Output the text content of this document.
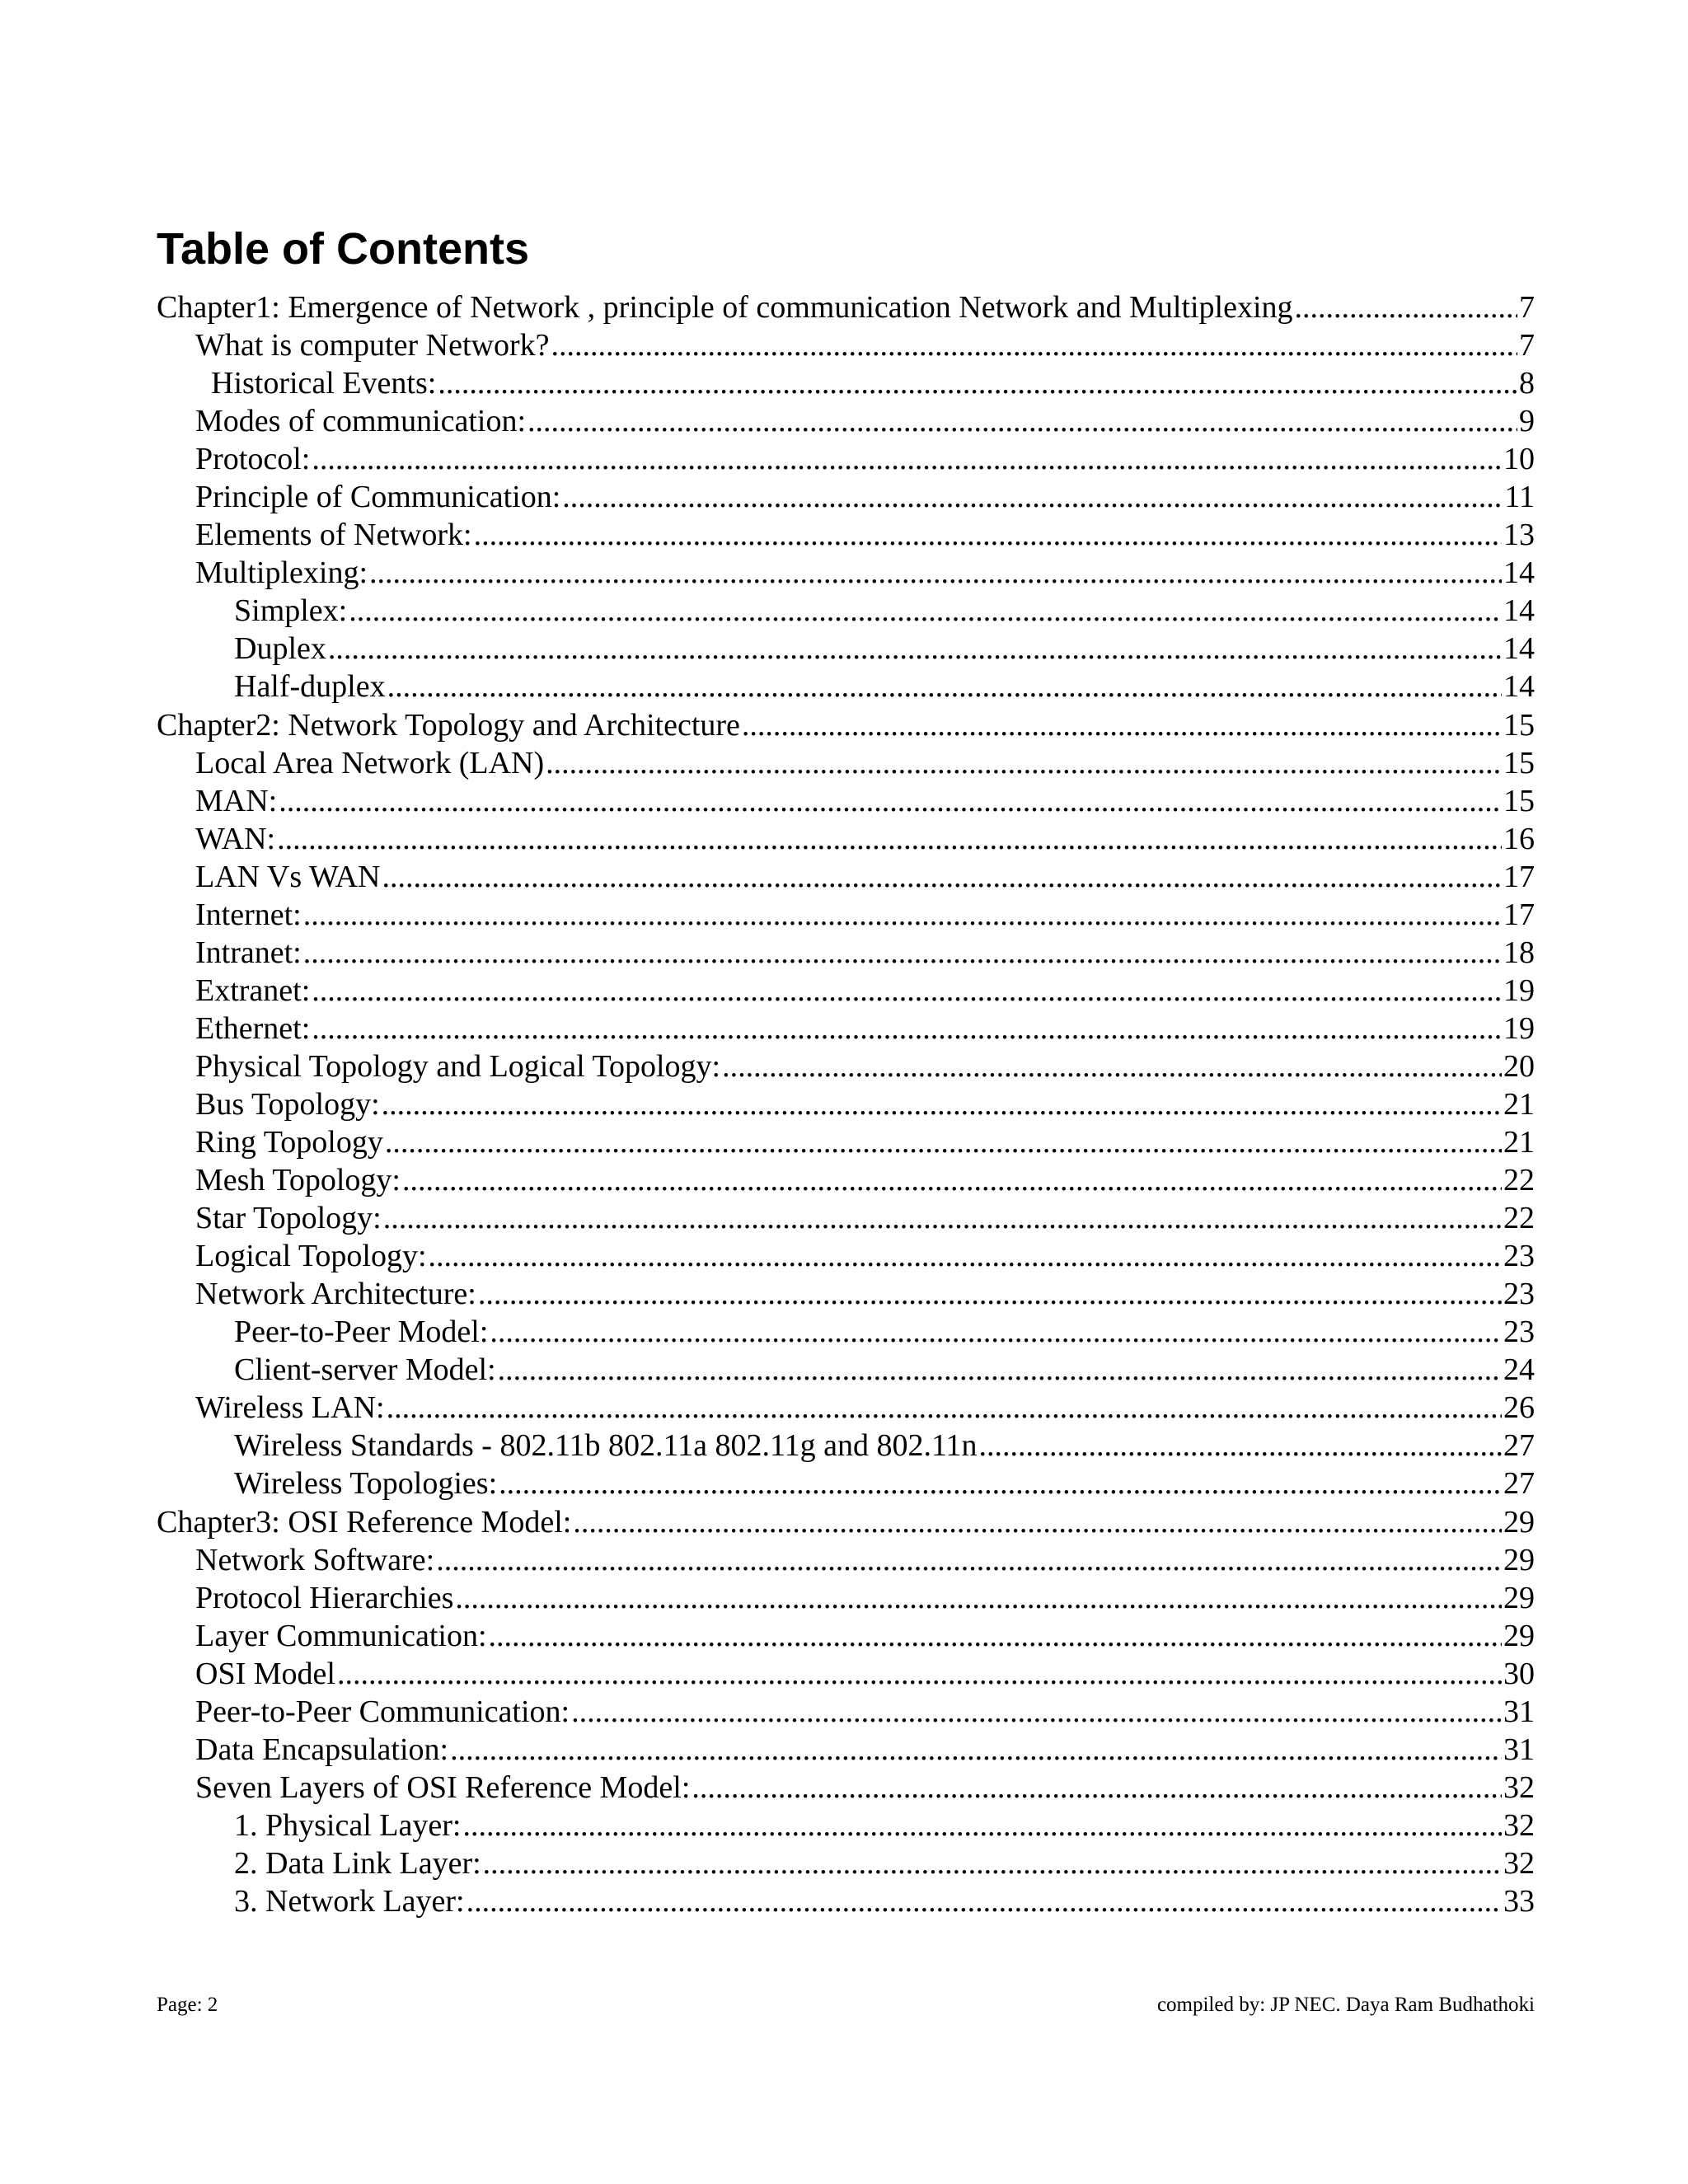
Table of Contents
Chapter1: Emergence of Network , principle of communication Network and Multiplexing .....	7
What is computer Network? .....	7
Historical Events: .....	8
Modes of communication: .....	9
Protocol: .....	10
Principle of Communication: .....	11
Elements of Network: .....	13
Multiplexing: .....	14
Simplex: .....	14
Duplex .....	14
Half-duplex .....	14
Chapter2: Network Topology and Architecture .....	15
Local Area Network (LAN) .....	15
MAN: .....	15
WAN: .....	16
LAN Vs WAN .....	17
Internet: .....	17
Intranet: .....	18
Extranet: .....	19
Ethernet: .....	19
Physical Topology and Logical Topology: .....	20
Bus Topology: .....	21
Ring Topology .....	21
Mesh Topology: .....	22
Star Topology: .....	22
Logical Topology: .....	23
Network Architecture: .....	23
Peer-to-Peer Model: .....	23
Client-server Model: .....	24
Wireless LAN: .....	26
Wireless Standards - 802.11b 802.11a 802.11g and 802.11n .....	27
Wireless Topologies: .....	27
Chapter3: OSI Reference Model: .....	29
Network Software: .....	29
Protocol Hierarchies .....	29
Layer Communication: .....	29
OSI Model .....	30
Peer-to-Peer Communication: .....	31
Data Encapsulation: .....	31
Seven Layers of OSI Reference Model: .....	32
1. Physical Layer: .....	32
2. Data Link Layer: .....	32
3. Network Layer: .....	33
Page: 2	compiled by: JP NEC. Daya Ram Budhathoki
